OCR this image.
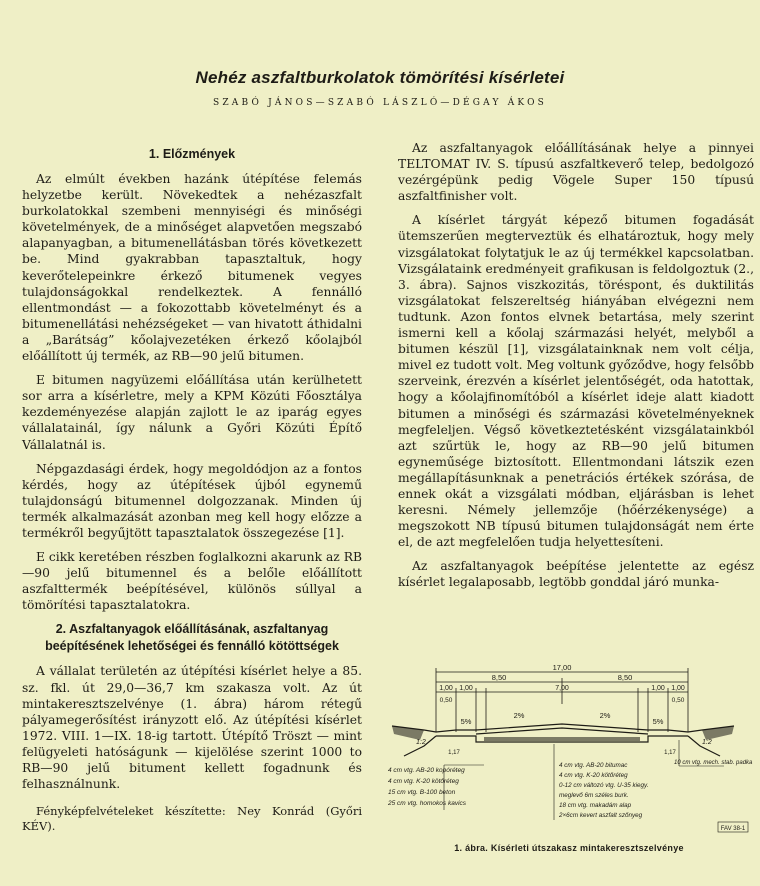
Nehéz aszfaltburkolatok tömörítési kísérletei

SZABÓ JÁNOS—SZABÓ LÁSZLÓ—DÉGAY ÁKOS

1. Előzmények

Az elmúlt években hazánk útépítése felemás helyzetbe került. Növekedtek a nehézaszfalt burkolatokkal szembeni mennyiségi és minőségi követelmények, de a minőséget alapvetően megszabó alapanyagban, a bitumenellátásban törés következett be. Mind gyakrabban tapasztaltuk, hogy keverőtelepeinkre érkező bitumenek vegyes tulajdonságokkal rendelkeztek. A fennálló ellentmondást — a fokozottabb követelményt és a bitumenellátási nehézségeket — van hivatott áthidalni a „Barátság” kőolajvezetéken érkező kőolajból előállított új termék, az RB—90 jelű bitumen.

E bitumen nagyüzemi előállítása után kerülhetett sor arra a kísérletre, mely a KPM Közúti Főosztálya kezdeményezése alapján zajlott le az iparág egyes vállalatainál, így nálunk a Győri Közúti Építő Vállalatnál is.

Népgazdasági érdek, hogy megoldódjon az a fontos kérdés, hogy az útépítések újból egynemű tulajdonságú bitumennel dolgozzanak. Minden új termék alkalmazását azonban meg kell hogy előzze a termékről begyűjtött tapasztalatok összegezése [1].

E cikk keretében részben foglalkozni akarunk az RB—90 jelű bitumennel és a belőle előállított aszfalttermék beépítésével, különös súllyal a tömörítési tapasztalatokra.

2. Aszfaltanyagok előállításának, aszfaltanyag beépítésének lehetőségei és fennálló kötöttségek

A vállalat területén az útépítési kísérlet helye a 85. sz. fkl. út 29,0—36,7 km szakasza volt. Az út mintakeresztszelvénye (1. ábra) három rétegű pályamegerősítést irányzott elő. Az útépítési kísérlet 1972. VIII. 1—IX. 18-ig tartott. Útépítő Tröszt — mint felügyeleti hatóságunk — kijelölése szerint 1000 to RB—90 jelű bitument kellett fogadnunk és felhasználnunk.

Fényképfelvételeket készítette: Ney Konrád (Győri KÉV).

Az aszfaltanyagok előállításának helye a pinnyei TELTOMAT IV. S. típusú aszfaltkeverő telep, bedolgozó vezérgépünk pedig Vögele Super 150 típusú aszfaltfinisher volt.

A kísérlet tárgyát képező bitumen fogadását ütemszerűen megterveztük és elhatároztuk, hogy mely vizsgálatokat folytatjuk le az új termékkel kapcsolatban. Vizsgálataink eredményeit grafikusan is feldolgoztuk (2., 3. ábra). Sajnos viszkozitás, töréspont, és duktilitás vizsgálatokat felszereltség hiányában elvégezni nem tudtunk. Azon fontos elvnek betartása, mely szerint ismerni kell a kőolaj származási helyét, melyből a bitumen készül [1], vizsgálatainknak nem volt célja, mivel ez tudott volt. Meg voltunk győződve, hogy felsőbb szerveink, érezvén a kísérlet jelentőségét, oda hatottak, hogy a kőolajfinomítóból a kísérlet ideje alatt kiadott bitumen a minőségi és származási követelményeknek megfeleljen. Végső következtetésként vizsgálatainkból azt szűrtük le, hogy az RB—90 jelű bitumen egyneműsége biztosított. Ellentmondani látszik ezen megállapításunknak a penetrációs értékek szórása, de ennek okát a vizsgálati módban, eljárásban is lehet keresni. Némely jellemzője (hőérzékenysége) a megszokott NB típusú bitumen tulajdonságát nem érte el, de azt megfelelően tudja helyettesíteni.

Az aszfaltanyagok beépítése jelentette az egész kísérlet legalaposabb, legtöbb gonddal járó munka-

17,00
8,50	8,50
1,00 1,00	7,00	1,00 1,00
0,50	0,50
1:2	1:2
5%
2%	2%
5%
1,17	1,17
4 cm vtg. AB-20 kopóréteg
4 cm vtg. K-20 kötőréteg
15 cm vtg. B-100 beton
25 cm vtg. homokos kavics
4 cm vtg. AB-20 bitumac
4 cm vtg. K-20 kötőréteg
0-12 cm változó vtg. U-35 kiegy.
meglevő 6m széles burk.
18 cm vtg. makadám alap
2×6cm kevert aszfalt szőnyeg
10 cm vtg. mech. stab. padka
FAV 38-1

1. ábra. Kísérleti útszakasz mintakeresztszelvénye
